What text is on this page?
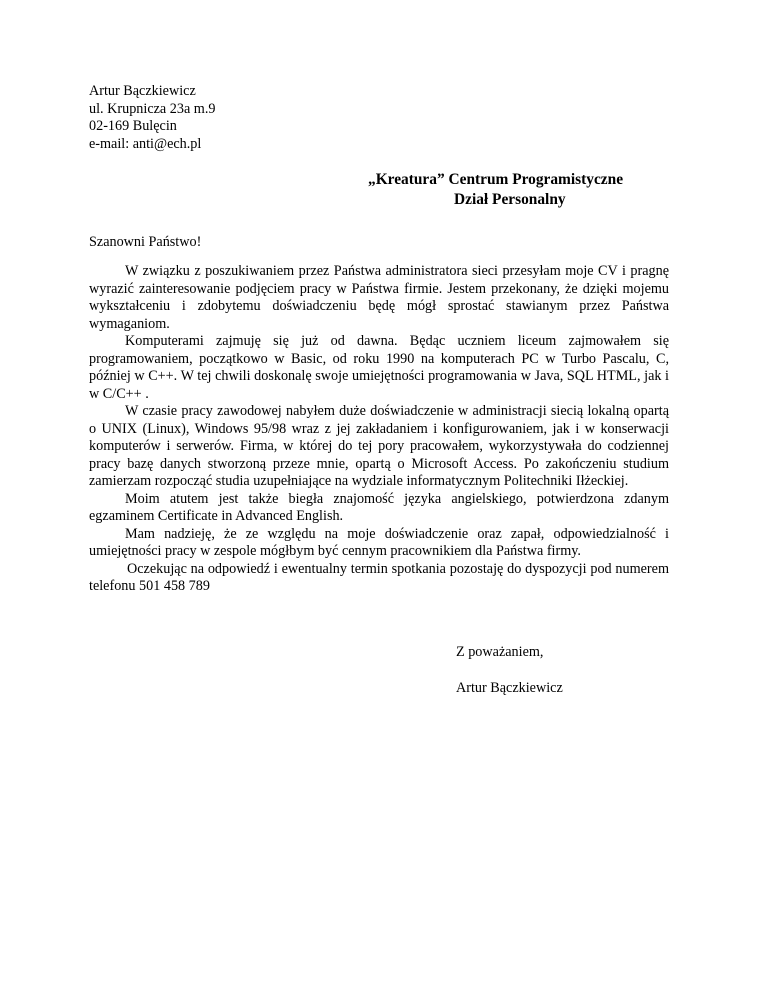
Artur Bączkiewicz
ul. Krupnicza 23a m.9
02-169 Bulęcin
e-mail: anti@ech.pl
„Kreatura” Centrum Programistyczne
Dział Personalny
Szanowni Państwo!

W związku z poszukiwaniem przez Państwa administratora sieci przesyłam moje CV i pragnę wyrazić zainteresowanie podjęciem pracy w Państwa firmie. Jestem przekonany, że dzięki mojemu wykształceniu i zdobytemu doświadczeniu będę mógł sprostać stawianym przez Państwa wymaganiom.

Komputerami zajmuję się już od dawna. Będąc uczniem liceum zajmowałem się programowaniem, początkowo w Basic, od roku 1990 na komputerach PC w Turbo Pascalu, C, później w C++. W tej chwili doskonalę swoje umiejętności programowania w Java, SQL HTML, jak i w C/C++ .

W czasie pracy zawodowej nabyłem duże doświadczenie w administracji siecią lokalną opartą o UNIX (Linux), Windows 95/98 wraz z jej zakładaniem i konfigurowaniem, jak i w konserwacji komputerów i serwerów. Firma, w której do tej pory pracowałem, wykorzystywała do codziennej pracy bazę danych stworzoną przeze mnie, opartą o Microsoft Access. Po zakończeniu studium zamierzam rozpocząć studia uzupełniające na wydziale informatycznym Politechniki Iłżeckiej.

Moim atutem jest także biegła znajomość języka angielskiego, potwierdzona zdanym egzaminem Certificate in Advanced English.

Mam nadzieję, że ze względu na moje doświadczenie oraz zapał, odpowiedzialność i umiejętności pracy w zespole mógłbym być cennym pracownikiem dla Państwa firmy.

Oczekując na odpowiedź i ewentualny termin spotkania pozostaję do dyspozycji pod numerem telefonu 501 458 789

Z poważaniem,
Artur Bączkiewicz
